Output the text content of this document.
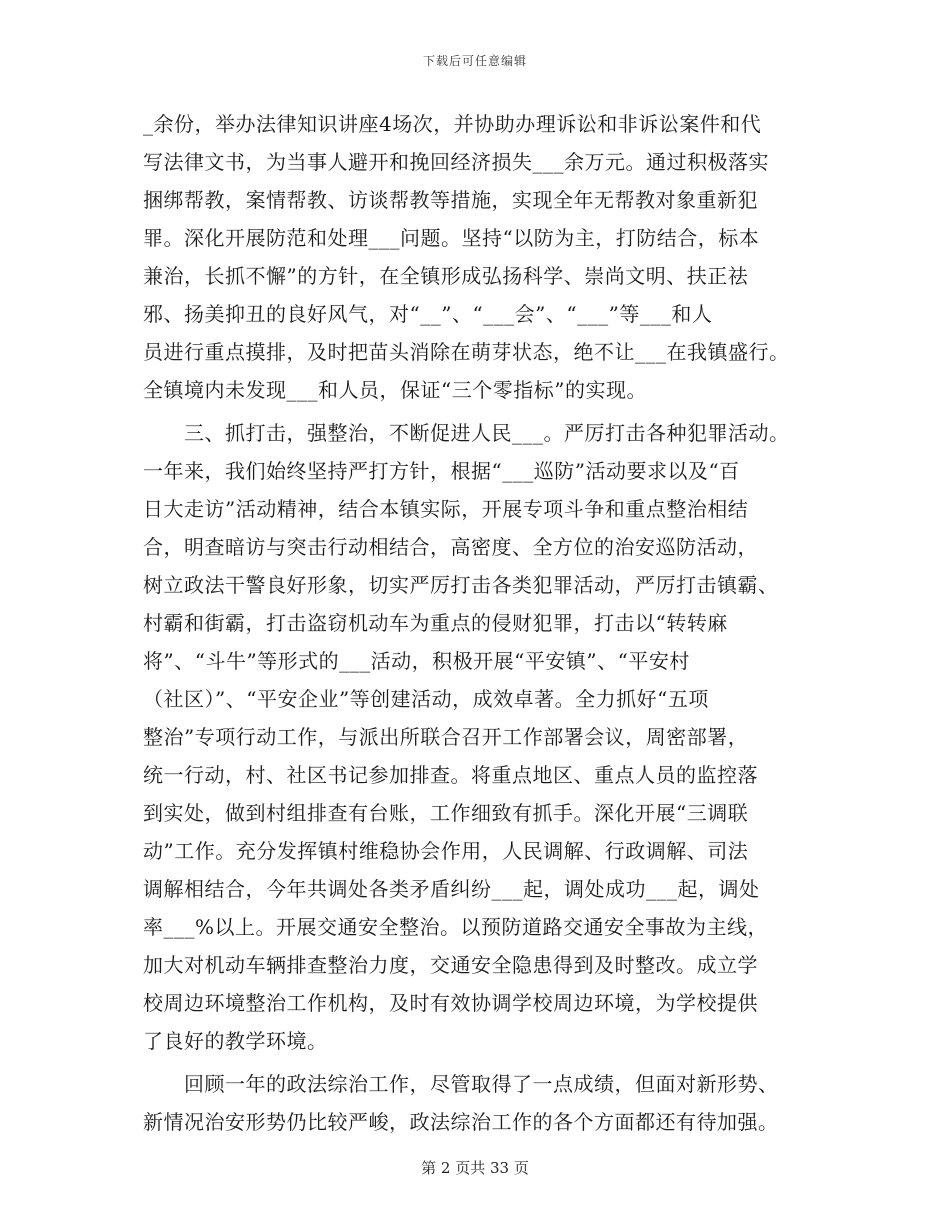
下载后可任意编辑
_余份，举办法律知识讲座4场次，并协助办理诉讼和非诉讼案件和代
写法律文书，为当事人避开和挽回经济损失___余万元。通过积极落实
捆绑帮教，案情帮教、访谈帮教等措施，实现全年无帮教对象重新犯
罪。深化开展防范和处理___问题。坚持“以防为主，打防结合，标本
兼治，长抓不懈”的方针，在全镇形成弘扬科学、崇尚文明、扶正祛
邪、扬美抑丑的良好风气，对“__”、“___会”、“___”等___和人
员进行重点摸排，及时把苗头消除在萌芽状态，绝不让___在我镇盛行。
全镇境内未发现___和人员，保证“三个零指标”的实现。
　　三、抓打击，强整治，不断促进人民___。严厉打击各种犯罪活动。
一年来，我们始终坚持严打方针，根据“___巡防”活动要求以及“百
日大走访”活动精神，结合本镇实际，开展专项斗争和重点整治相结
合，明查暗访与突击行动相结合，高密度、全方位的治安巡防活动，
树立政法干警良好形象，切实严厉打击各类犯罪活动，严厉打击镇霸、
村霸和街霸，打击盗窃机动车为重点的侵财犯罪，打击以“转转麻
将”、“斗牛”等形式的___活动，积极开展“平安镇”、“平安村
（社区）”、“平安企业”等创建活动，成效卓著。全力抓好“五项
整治”专项行动工作，与派出所联合召开工作部署会议，周密部署，
统一行动，村、社区书记参加排查。将重点地区、重点人员的监控落
到实处，做到村组排查有台账，工作细致有抓手。深化开展“三调联
动”工作。充分发挥镇村维稳协会作用，人民调解、行政调解、司法
调解相结合，今年共调处各类矛盾纠纷___起，调处成功___起，调处
率___%以上。开展交通安全整治。以预防道路交通安全事故为主线，
加大对机动车辆排查整治力度，交通安全隐患得到及时整改。成立学
校周边环境整治工作机构，及时有效协调学校周边环境，为学校提供
了良好的教学环境。
　　回顾一年的政法综治工作，尽管取得了一点成绩，但面对新形势、
新情况治安形势仍比较严峻，政法综治工作的各个方面都还有待加强。
第 2 页共 33 页
